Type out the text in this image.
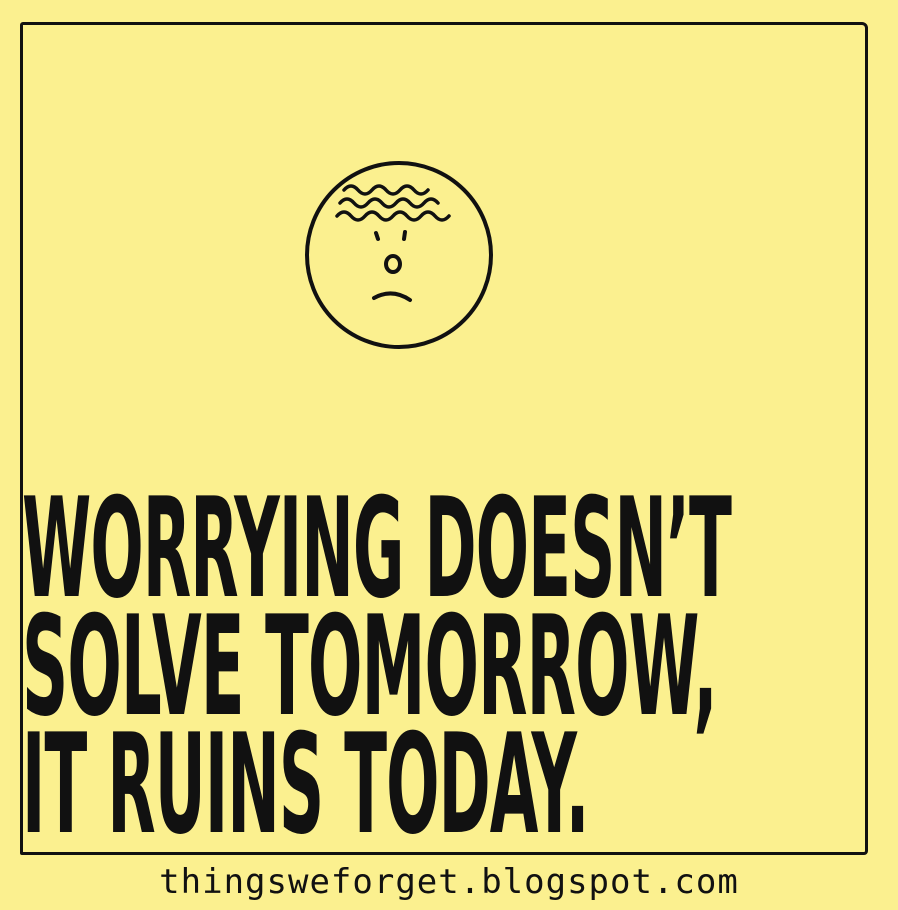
WORRYING DOESN’T
SOLVE TOMORROW,
IT RUINS TODAY.
thingsweforget.blogspot.com
